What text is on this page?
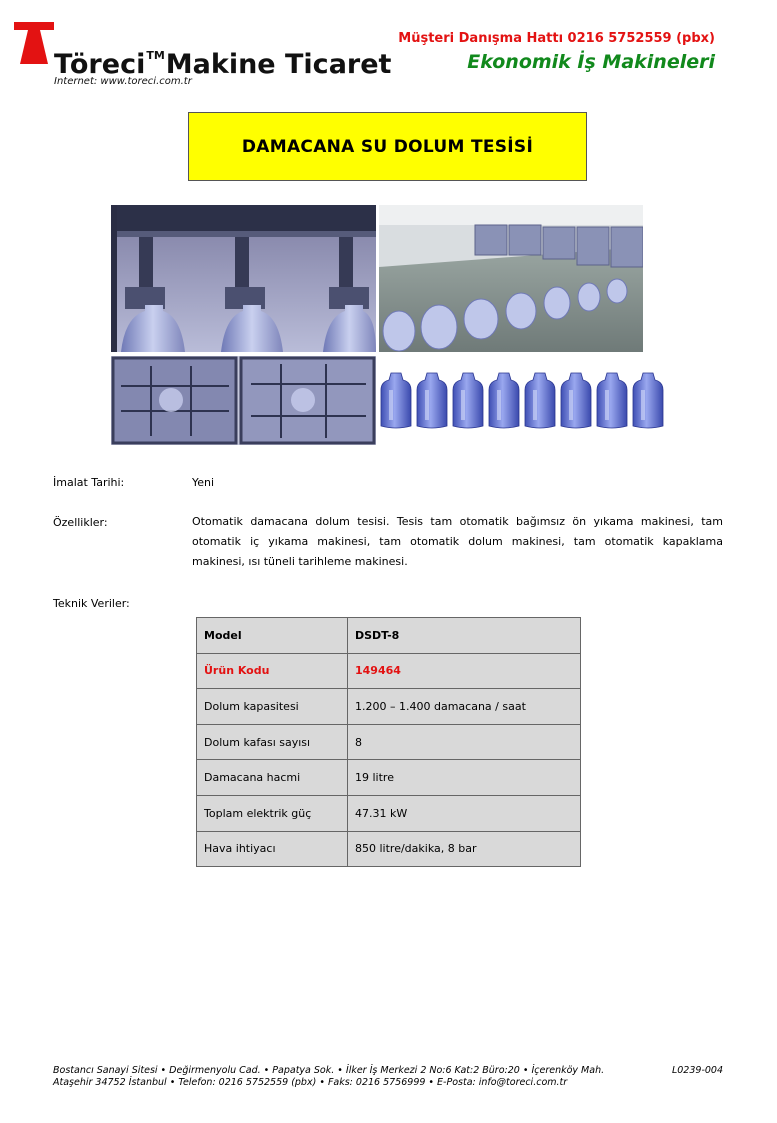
Töreci™Makine Ticaret
Internet: www.toreci.com.tr
Müşteri Danışma Hattı 0216 5752559 (pbx)
Ekonomik İş Makineleri
DAMACANA SU DOLUM TESİSİ
İmalat Tarihi:	Yeni
Özellikler:	Otomatik damacana dolum tesisi. Tesis tam otomatik bağımsız ön yıkama makinesi, tam otomatik iç yıkama makinesi, tam otomatik dolum makinesi, tam otomatik kapaklama makinesi, ısı tüneli tarihleme makinesi.
Teknik Veriler:
Model	DSDT-8
Ürün Kodu	149464
Dolum kapasitesi	1.200 – 1.400 damacana / saat
Dolum kafası sayısı	8
Damacana hacmi	19 litre
Toplam elektrik güç	47.31 kW
Hava ihtiyacı	850 litre/dakika, 8 bar
Bostancı Sanayi Sitesi • Değirmenyolu Cad. • Papatya Sok. • İlker İş Merkezi 2 No:6 Kat:2 Büro:20 • İçerenköy Mah.
Ataşehir 34752 İstanbul • Telefon: 0216 5752559 (pbx) • Faks: 0216 5756999 • E-Posta: info@toreci.com.tr
L0239-004
